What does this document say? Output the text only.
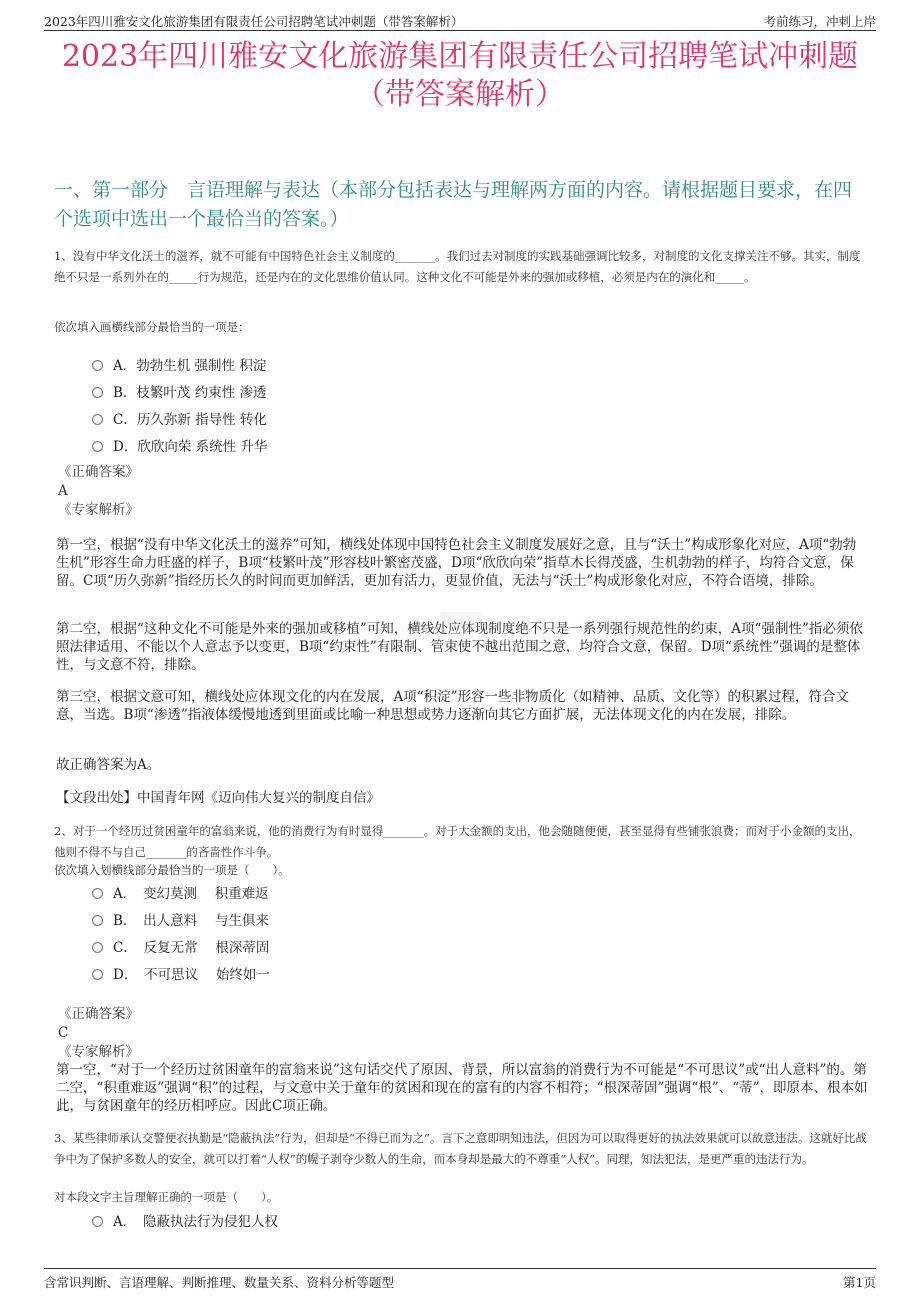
2023年四川雅安文化旅游集团有限责任公司招聘笔试冲刺题（带答案解析）	考前练习，冲刺上岸
2023年四川雅安文化旅游集团有限责任公司招聘笔试冲刺题
（带答案解析）
一、第一部分　言语理解与表达（本部分包括表达与理解两方面的内容。请根据题目要求，在四个选项中选出一个最恰当的答案。）
1、没有中华文化沃土的滋养，就不可能有中国特色社会主义制度的_______。我们过去对制度的实践基础强调比较多，对制度的文化支撑关注不够。其实，制度绝不只是一系列外在的_____行为规范，还是内在的文化思维价值认同。这种文化不可能是外来的强加或移植，必须是内在的演化和_____。
依次填入画横线部分最恰当的一项是：
A．勃勃生机 强制性 积淀
B．枝繁叶茂 约束性 渗透
C．历久弥新 指导性 转化
D．欣欣向荣 系统性 升华
《正确答案》
A
《专家解析》
第一空，根据“没有中华文化沃土的滋养”可知，横线处体现中国特色社会主义制度发展好之意，且与“沃土”构成形象化对应，A项“勃勃生机”形容生命力旺盛的样子，B项“枝繁叶茂”形容枝叶繁密茂盛，D项“欣欣向荣”指草木长得茂盛，生机勃勃的样子，均符合文意，保留。C项“历久弥新”指经历长久的时间而更加鲜活，更加有活力，更显价值，无法与“沃土”构成形象化对应，不符合语境，排除。
第二空，根据“这种文化不可能是外来的强加或移植”可知，横线处应体现制度绝不只是一系列强行规范性的约束，A项“强制性”指必须依照法律适用、不能以个人意志予以变更，B项“约束性”有限制、管束使不越出范围之意，均符合文意，保留。D项“系统性”强调的是整体性，与文意不符，排除。
第三空，根据文意可知，横线处应体现文化的内在发展，A项“积淀”形容一些非物质化（如精神、品质、文化等）的积累过程，符合文意，当选。B项“渗透”指液体缓慢地透到里面或比喻一种思想或势力逐渐向其它方面扩展，无法体现文化的内在发展，排除。
故正确答案为A。
【文段出处】中国青年网《迈向伟大复兴的制度自信》
2、对于一个经历过贫困童年的富翁来说，他的消费行为有时显得_______。对于大金额的支出，他会随随便便，甚至显得有些铺张浪费；而对于小金额的支出，他则不得不与自己_______的吝啬性作斗争。
依次填入划横线部分最恰当的一项是（　　）。
A．　变幻莫测　 积重难返
B．　出人意料　 与生俱来
C．　反复无常　 根深蒂固
D．　不可思议　 始终如一
《正确答案》
C
《专家解析》
第一空，“对于一个经历过贫困童年的富翁来说”这句话交代了原因、背景，所以富翁的消费行为不可能是“不可思议”或“出人意料”的。第二空，“积重难返”强调“积”的过程，与文意中关于童年的贫困和现在的富有的内容不相符；“根深蒂固”强调“根”、“蒂”，即原本、根本如此，与贫困童年的经历相呼应。因此C项正确。
3、某些律师承认交警便衣执勤是“隐蔽执法”行为，但却是“不得已而为之”。言下之意即明知违法，但因为可以取得更好的执法效果就可以故意违法。这就好比战争中为了保护多数人的安全，就可以打着“人权”的幌子剥夺少数人的生命，而本身却是最大的不尊重“人权”。同理，知法犯法，是更严重的违法行为。
对本段文字主旨理解正确的一项是（　　）。
A．　隐蔽执法行为侵犯人权
含常识判断、言语理解、判断推理、数量关系、资料分析等题型	第1页
